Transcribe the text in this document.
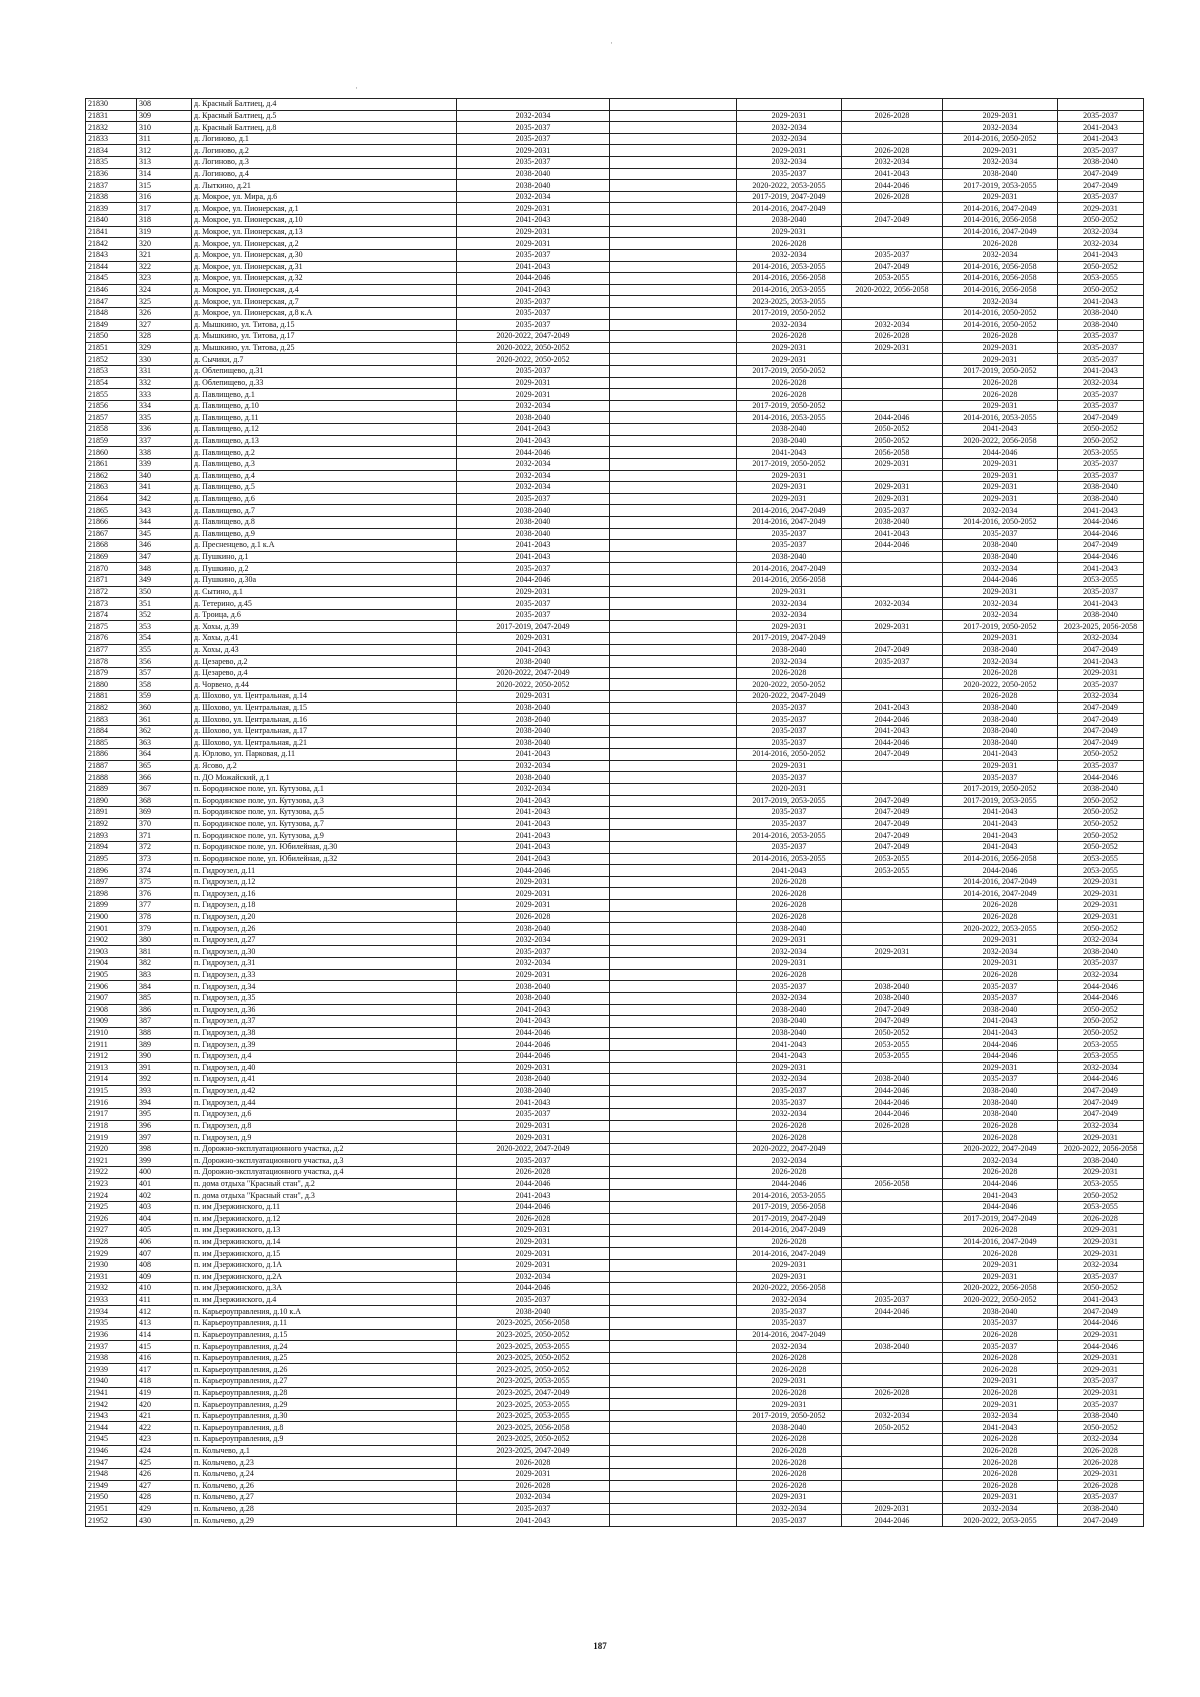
·
·
21830	308	д. Красный Балтиец, д.4						
21831	309	д. Красный Балтиец, д.5	2032-2034		2029-2031	2026-2028	2029-2031	2035-2037
21832	310	д. Красный Балтиец, д.8	2035-2037		2032-2034		2032-2034	2041-2043
21833	311	д. Логиново, д.1	2035-2037		2032-2034		2014-2016, 2050-2052	2041-2043
21834	312	д. Логиново, д.2	2029-2031		2029-2031	2026-2028	2029-2031	2035-2037
21835	313	д. Логиново, д.3	2035-2037		2032-2034	2032-2034	2032-2034	2038-2040
21836	314	д. Логиново, д.4	2038-2040		2035-2037	2041-2043	2038-2040	2047-2049
21837	315	д. Лыткино, д.21	2038-2040		2020-2022, 2053-2055	2044-2046	2017-2019, 2053-2055	2047-2049
21838	316	д. Мокрое, ул. Мира, д.6	2032-2034		2017-2019, 2047-2049	2026-2028	2029-2031	2035-2037
21839	317	д. Мокрое, ул. Пионерская, д.1	2029-2031		2014-2016, 2047-2049		2014-2016, 2047-2049	2029-2031
21840	318	д. Мокрое, ул. Пионерская, д.10	2041-2043		2038-2040	2047-2049	2014-2016, 2056-2058	2050-2052
21841	319	д. Мокрое, ул. Пионерская, д.13	2029-2031		2029-2031		2014-2016, 2047-2049	2032-2034
21842	320	д. Мокрое, ул. Пионерская, д.2	2029-2031		2026-2028		2026-2028	2032-2034
21843	321	д. Мокрое, ул. Пионерская, д.30	2035-2037		2032-2034	2035-2037	2032-2034	2041-2043
21844	322	д. Мокрое, ул. Пионерская, д.31	2041-2043		2014-2016, 2053-2055	2047-2049	2014-2016, 2056-2058	2050-2052
21845	323	д. Мокрое, ул. Пионерская, д.32	2044-2046		2014-2016, 2056-2058	2053-2055	2014-2016, 2056-2058	2053-2055
21846	324	д. Мокрое, ул. Пионерская, д.4	2041-2043		2014-2016, 2053-2055	2020-2022, 2056-2058	2014-2016, 2056-2058	2050-2052
21847	325	д. Мокрое, ул. Пионерская, д.7	2035-2037		2023-2025, 2053-2055		2032-2034	2041-2043
21848	326	д. Мокрое, ул. Пионерская, д.8 к.А	2035-2037		2017-2019, 2050-2052		2014-2016, 2050-2052	2038-2040
21849	327	д. Мышкино, ул. Титова, д.15	2035-2037		2032-2034	2032-2034	2014-2016, 2050-2052	2038-2040
21850	328	д. Мышкино, ул. Титова, д.17	2020-2022, 2047-2049		2026-2028	2026-2028	2026-2028	2035-2037
21851	329	д. Мышкино, ул. Титова, д.25	2020-2022, 2050-2052		2029-2031	2029-2031	2029-2031	2035-2037
21852	330	д. Сычики, д.7	2020-2022, 2050-2052		2029-2031		2029-2031	2035-2037
21853	331	д. Облепищево, д.31	2035-2037		2017-2019, 2050-2052		2017-2019, 2050-2052	2041-2043
21854	332	д. Облепищево, д.33	2029-2031		2026-2028		2026-2028	2032-2034
21855	333	д. Павлищево, д.1	2029-2031		2026-2028		2026-2028	2035-2037
21856	334	д. Павлищево, д.10	2032-2034		2017-2019, 2050-2052		2029-2031	2035-2037
21857	335	д. Павлищево, д.11	2038-2040		2014-2016, 2053-2055	2044-2046	2014-2016, 2053-2055	2047-2049
21858	336	д. Павлищево, д.12	2041-2043		2038-2040	2050-2052	2041-2043	2050-2052
21859	337	д. Павлищево, д.13	2041-2043		2038-2040	2050-2052	2020-2022, 2056-2058	2050-2052
21860	338	д. Павлищево, д.2	2044-2046		2041-2043	2056-2058	2044-2046	2053-2055
21861	339	д. Павлищево, д.3	2032-2034		2017-2019, 2050-2052	2029-2031	2029-2031	2035-2037
21862	340	д. Павлищево, д.4	2032-2034		2029-2031		2029-2031	2035-2037
21863	341	д. Павлищево, д.5	2032-2034		2029-2031	2029-2031	2029-2031	2038-2040
21864	342	д. Павлищево, д.6	2035-2037		2029-2031	2029-2031	2029-2031	2038-2040
21865	343	д. Павлищево, д.7	2038-2040		2014-2016, 2047-2049	2035-2037	2032-2034	2041-2043
21866	344	д. Павлищево, д.8	2038-2040		2014-2016, 2047-2049	2038-2040	2014-2016, 2050-2052	2044-2046
21867	345	д. Павлищево, д.9	2038-2040		2035-2037	2041-2043	2035-2037	2044-2046
21868	346	д. Пресненцево, д.1 к.А	2041-2043		2035-2037	2044-2046	2038-2040	2047-2049
21869	347	д. Пушкино, д.1	2041-2043		2038-2040		2038-2040	2044-2046
21870	348	д. Пушкино, д.2	2035-2037		2014-2016, 2047-2049		2032-2034	2041-2043
21871	349	д. Пушкино, д.30а	2044-2046		2014-2016, 2056-2058		2044-2046	2053-2055
21872	350	д. Сытино, д.1	2029-2031		2029-2031		2029-2031	2035-2037
21873	351	д. Тетерино, д.45	2035-2037		2032-2034	2032-2034	2032-2034	2041-2043
21874	352	д. Троица, д.6	2035-2037		2032-2034		2032-2034	2038-2040
21875	353	д. Хохы, д.39	2017-2019, 2047-2049		2029-2031	2029-2031	2017-2019, 2050-2052	2023-2025, 2056-2058
21876	354	д. Хохы, д.41	2029-2031		2017-2019, 2047-2049		2029-2031	2032-2034
21877	355	д. Хохы, д.43	2041-2043		2038-2040	2047-2049	2038-2040	2047-2049
21878	356	д. Цезарево, д.2	2038-2040		2032-2034	2035-2037	2032-2034	2041-2043
21879	357	д. Цезарево, д.4	2020-2022, 2047-2049		2026-2028		2026-2028	2029-2031
21880	358	д. Чорвено, д.44	2020-2022, 2050-2052		2020-2022, 2050-2052		2020-2022, 2050-2052	2035-2037
21881	359	д. Шохово, ул. Центральная, д.14	2029-2031		2020-2022, 2047-2049		2026-2028	2032-2034
21882	360	д. Шохово, ул. Центральная, д.15	2038-2040		2035-2037	2041-2043	2038-2040	2047-2049
21883	361	д. Шохово, ул. Центральная, д.16	2038-2040		2035-2037	2044-2046	2038-2040	2047-2049
21884	362	д. Шохово, ул. Центральная, д.17	2038-2040		2035-2037	2041-2043	2038-2040	2047-2049
21885	363	д. Шохово, ул. Центральная, д.21	2038-2040		2035-2037	2044-2046	2038-2040	2047-2049
21886	364	д. Юрлово, ул. Парковая, д.11	2041-2043		2014-2016, 2050-2052	2047-2049	2041-2043	2050-2052
21887	365	д. Ясово, д.2	2032-2034		2029-2031		2029-2031	2035-2037
21888	366	п. ДО Можайский, д.1	2038-2040		2035-2037		2035-2037	2044-2046
21889	367	п. Бородинское поле, ул. Кутузова, д.1	2032-2034		2020-2031		2017-2019, 2050-2052	2038-2040
21890	368	п. Бородинское поле, ул. Кутузова, д.3	2041-2043		2017-2019, 2053-2055	2047-2049	2017-2019, 2053-2055	2050-2052
21891	369	п. Бородинское поле, ул. Кутузова, д.5	2041-2043		2035-2037	2047-2049	2041-2043	2050-2052
21892	370	п. Бородинское поле, ул. Кутузова, д.7	2041-2043		2035-2037	2047-2049	2041-2043	2050-2052
21893	371	п. Бородинское поле, ул. Кутузова, д.9	2041-2043		2014-2016, 2053-2055	2047-2049	2041-2043	2050-2052
21894	372	п. Бородинское поле, ул. Юбилейная, д.30	2041-2043		2035-2037	2047-2049	2041-2043	2050-2052
21895	373	п. Бородинское поле, ул. Юбилейная, д.32	2041-2043		2014-2016, 2053-2055	2053-2055	2014-2016, 2056-2058	2053-2055
21896	374	п. Гидроузел, д.11	2044-2046		2041-2043	2053-2055	2044-2046	2053-2055
21897	375	п. Гидроузел, д.12	2029-2031		2026-2028		2014-2016, 2047-2049	2029-2031
21898	376	п. Гидроузел, д.16	2029-2031		2026-2028		2014-2016, 2047-2049	2029-2031
21899	377	п. Гидроузел, д.18	2029-2031		2026-2028		2026-2028	2029-2031
21900	378	п. Гидроузел, д.20	2026-2028		2026-2028		2026-2028	2029-2031
21901	379	п. Гидроузел, д.26	2038-2040		2038-2040		2020-2022, 2053-2055	2050-2052
21902	380	п. Гидроузел, д.27	2032-2034		2029-2031		2029-2031	2032-2034
21903	381	п. Гидроузел, д.30	2035-2037		2032-2034	2029-2031	2032-2034	2038-2040
21904	382	п. Гидроузел, д.31	2032-2034		2029-2031		2029-2031	2035-2037
21905	383	п. Гидроузел, д.33	2029-2031		2026-2028		2026-2028	2032-2034
21906	384	п. Гидроузел, д.34	2038-2040		2035-2037	2038-2040	2035-2037	2044-2046
21907	385	п. Гидроузел, д.35	2038-2040		2032-2034	2038-2040	2035-2037	2044-2046
21908	386	п. Гидроузел, д.36	2041-2043		2038-2040	2047-2049	2038-2040	2050-2052
21909	387	п. Гидроузел, д.37	2041-2043		2038-2040	2047-2049	2041-2043	2050-2052
21910	388	п. Гидроузел, д.38	2044-2046		2038-2040	2050-2052	2041-2043	2050-2052
21911	389	п. Гидроузел, д.39	2044-2046		2041-2043	2053-2055	2044-2046	2053-2055
21912	390	п. Гидроузел, д.4	2044-2046		2041-2043	2053-2055	2044-2046	2053-2055
21913	391	п. Гидроузел, д.40	2029-2031		2029-2031		2029-2031	2032-2034
21914	392	п. Гидроузел, д.41	2038-2040		2032-2034	2038-2040	2035-2037	2044-2046
21915	393	п. Гидроузел, д.42	2038-2040		2035-2037	2044-2046	2038-2040	2047-2049
21916	394	п. Гидроузел, д.44	2041-2043		2035-2037	2044-2046	2038-2040	2047-2049
21917	395	п. Гидроузел, д.6	2035-2037		2032-2034	2044-2046	2038-2040	2047-2049
21918	396	п. Гидроузел, д.8	2029-2031		2026-2028	2026-2028	2026-2028	2032-2034
21919	397	п. Гидроузел, д.9	2029-2031		2026-2028		2026-2028	2029-2031
21920	398	п. Дорожно-эксплуатационного участка, д.2	2020-2022, 2047-2049		2020-2022, 2047-2049		2020-2022, 2047-2049	2020-2022, 2056-2058
21921	399	п. Дорожно-эксплуатационного участка, д.3	2035-2037		2032-2034		2032-2034	2038-2040
21922	400	п. Дорожно-эксплуатационного участка, д.4	2026-2028		2026-2028		2026-2028	2029-2031
21923	401	п. дома отдыха "Красный стан", д.2	2044-2046		2044-2046	2056-2058	2044-2046	2053-2055
21924	402	п. дома отдыха "Красный стан", д.3	2041-2043		2014-2016, 2053-2055		2041-2043	2050-2052
21925	403	п. им Дзержинского, д.11	2044-2046		2017-2019, 2056-2058		2044-2046	2053-2055
21926	404	п. им Дзержинского, д.12	2026-2028		2017-2019, 2047-2049		2017-2019, 2047-2049	2026-2028
21927	405	п. им Дзержинского, д.13	2029-2031		2014-2016, 2047-2049		2026-2028	2029-2031
21928	406	п. им Дзержинского, д.14	2029-2031		2026-2028		2014-2016, 2047-2049	2029-2031
21929	407	п. им Дзержинского, д.15	2029-2031		2014-2016, 2047-2049		2026-2028	2029-2031
21930	408	п. им Дзержинского, д.1А	2029-2031		2029-2031		2029-2031	2032-2034
21931	409	п. им Дзержинского, д.2А	2032-2034		2029-2031		2029-2031	2035-2037
21932	410	п. им Дзержинского, д.3А	2044-2046		2020-2022, 2056-2058		2020-2022, 2056-2058	2050-2052
21933	411	п. им Дзержинского, д.4	2035-2037		2032-2034	2035-2037	2020-2022, 2050-2052	2041-2043
21934	412	п. Карьероуправления, д.10 к.А	2038-2040		2035-2037	2044-2046	2038-2040	2047-2049
21935	413	п. Карьероуправления, д.11	2023-2025, 2056-2058		2035-2037		2035-2037	2044-2046
21936	414	п. Карьероуправления, д.15	2023-2025, 2050-2052		2014-2016, 2047-2049		2026-2028	2029-2031
21937	415	п. Карьероуправления, д.24	2023-2025, 2053-2055		2032-2034	2038-2040	2035-2037	2044-2046
21938	416	п. Карьероуправления, д.25	2023-2025, 2050-2052		2026-2028		2026-2028	2029-2031
21939	417	п. Карьероуправления, д.26	2023-2025, 2050-2052		2026-2028		2026-2028	2029-2031
21940	418	п. Карьероуправления, д.27	2023-2025, 2053-2055		2029-2031		2029-2031	2035-2037
21941	419	п. Карьероуправления, д.28	2023-2025, 2047-2049		2026-2028	2026-2028	2026-2028	2029-2031
21942	420	п. Карьероуправления, д.29	2023-2025, 2053-2055		2029-2031		2029-2031	2035-2037
21943	421	п. Карьероуправления, д.30	2023-2025, 2053-2055		2017-2019, 2050-2052	2032-2034	2032-2034	2038-2040
21944	422	п. Карьероуправления, д.8	2023-2025, 2056-2058		2038-2040	2050-2052	2041-2043	2050-2052
21945	423	п. Карьероуправления, д.9	2023-2025, 2050-2052		2026-2028		2026-2028	2032-2034
21946	424	п. Колычево, д.1	2023-2025, 2047-2049		2026-2028		2026-2028	2026-2028
21947	425	п. Колычево, д.23	2026-2028		2026-2028		2026-2028	2026-2028
21948	426	п. Колычево, д.24	2029-2031		2026-2028		2026-2028	2029-2031
21949	427	п. Колычево, д.26	2026-2028		2026-2028		2026-2028	2026-2028
21950	428	п. Колычево, д.27	2032-2034		2029-2031		2029-2031	2035-2037
21951	429	п. Колычево, д.28	2035-2037		2032-2034	2029-2031	2032-2034	2038-2040
21952	430	п. Колычево, д.29	2041-2043		2035-2037	2044-2046	2020-2022, 2053-2055	2047-2049
187
